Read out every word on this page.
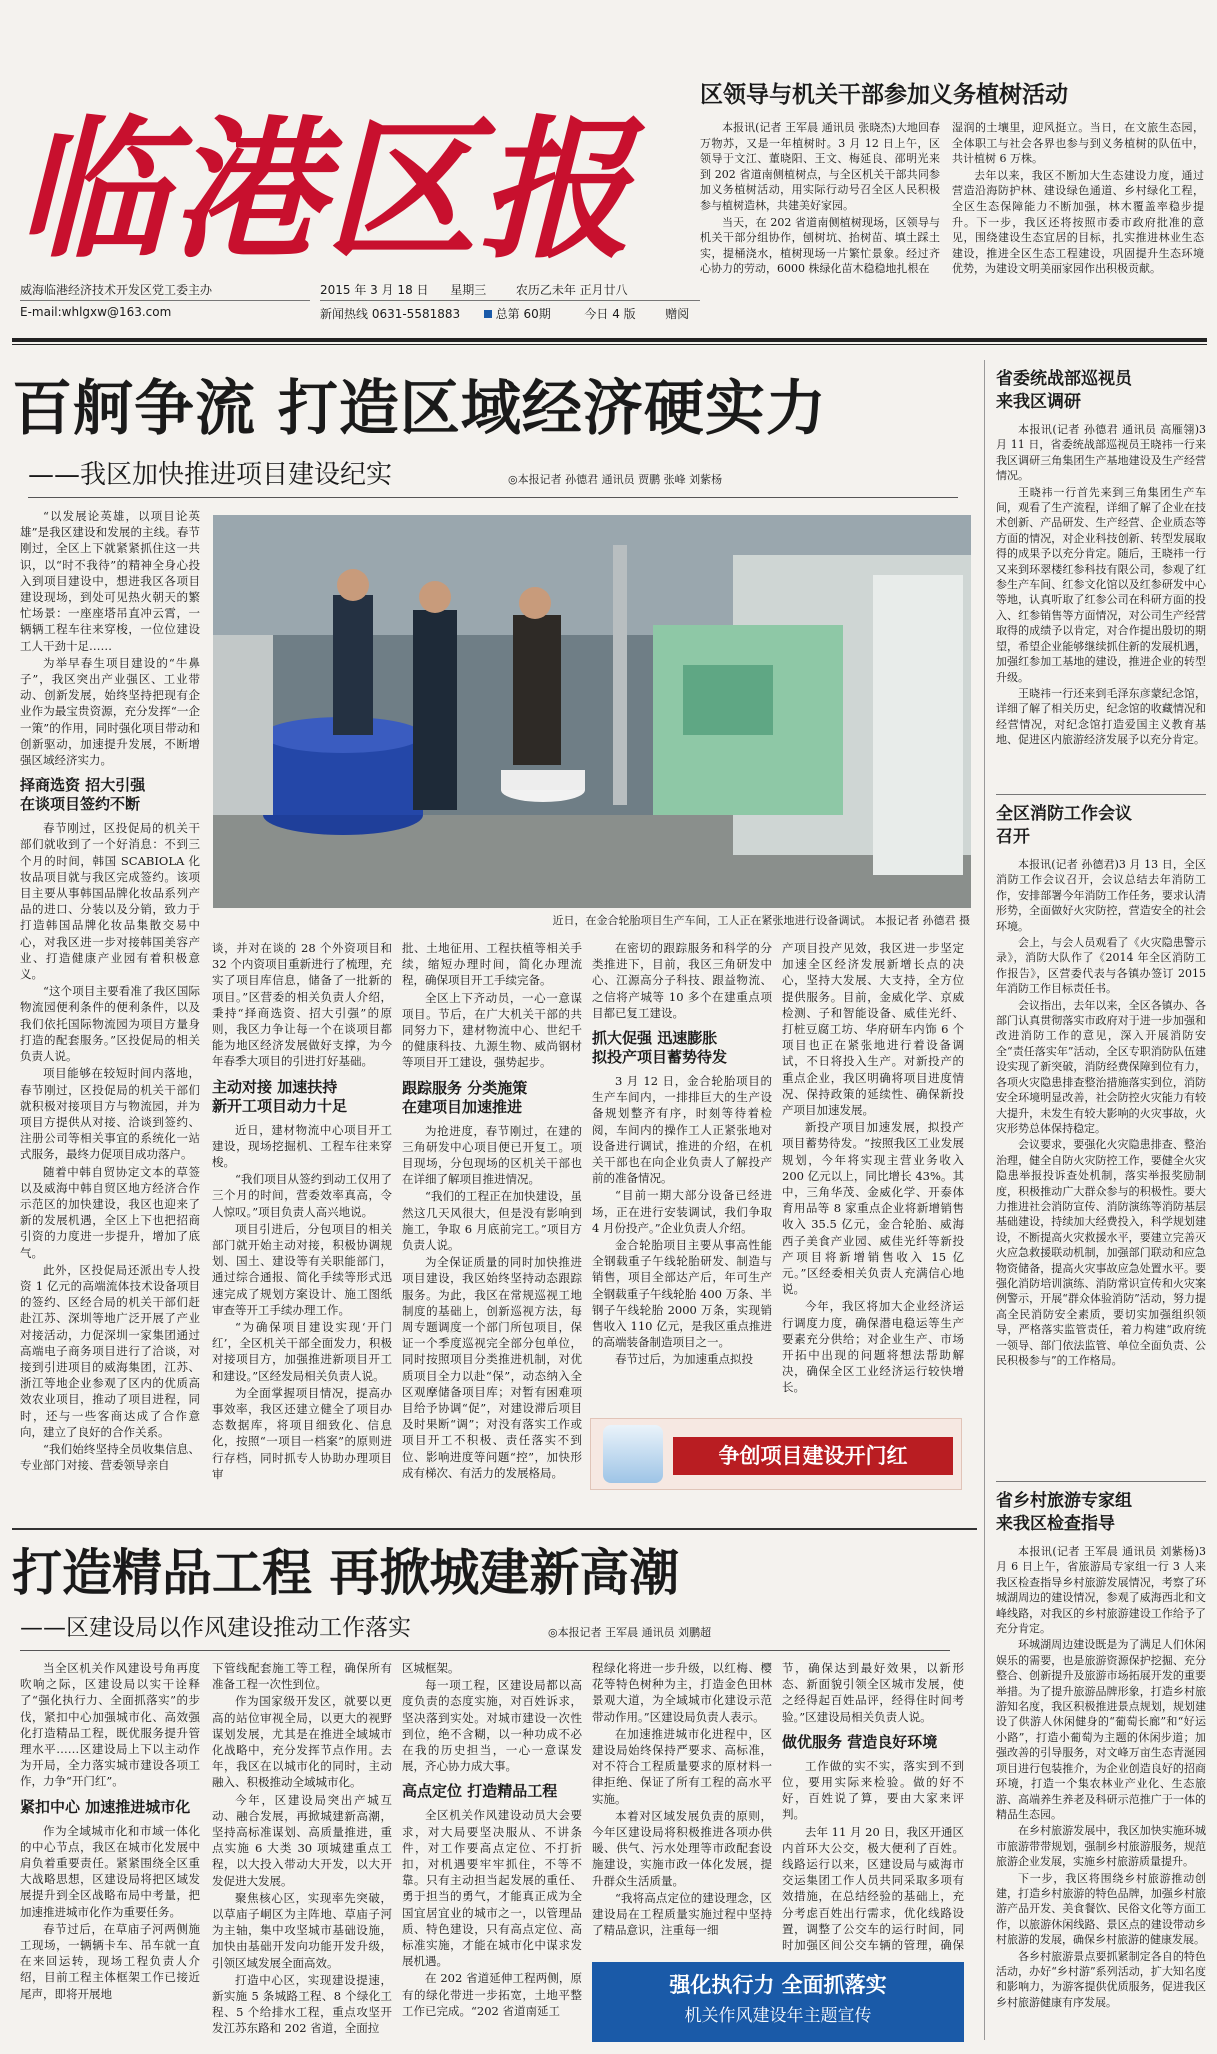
临港区报
威海临港经济技术开发区党工委主办
E-mail:whlgxw@163.com
2015 年 3 月 18 日 星期三 农历乙未年 正月廿八
新闻热线 0631-5581883	总第 60期	今日 4 版 赠阅
区领导与机关干部参加义务植树活动

本报讯(记者 王军晨 通讯员 张晓杰)大地回春万物苏，又是一年植树时。3 月 12 日上午，区领导于文江、董晓阳、王文、梅延良、邵明光来到 202 省道南侧植树点，与全区机关干部共同参加义务植树活动，用实际行动号召全区人民积极参与植树造林，共建美好家园。

当天，在 202 省道南侧植树现场，区领导与机关干部分组协作，刨树坑、抬树苗、填土踩土实，提桶浇水，植树现场一片繁忙景象。经过齐心协力的劳动，6000 株绿化苗木稳稳地扎根在

湿润的土壤里，迎风挺立。当日，在文旅生态园，全体职工与社会各界也参与到义务植树的队伍中，共计植树 6 万株。

去年以来，我区不断加大生态建设力度，通过营造沿海防护林、建设绿色通道、乡村绿化工程，全区生态保障能力不断加强，林木覆盖率稳步提升。下一步，我区还将按照市委市政府批准的意见，围绕建设生态宜居的目标，扎实推进林业生态建设，推进全区生态工程建设，巩固提升生态环境优势，为建设文明美丽家园作出积极贡献。

百舸争流 打造区域经济硬实力
——我区加快推进项目建设纪实	◎本报记者 孙德君 通讯员 贾鹏 张峰 刘紫杨
近日，在金合轮胎项目生产车间，工人正在紧张地进行设备调试。 本报记者 孙德君 摄

“以发展论英雄，以项目论英雄”是我区建设和发展的主线。春节刚过，全区上下就紧紧抓住这一共识，以“时不我待”的精神全身心投入到项目建设中，想进我区各项目建设现场，到处可见热火朝天的繁忙场景：一座座塔吊直冲云霄，一辆辆工程车往来穿梭，一位位建设工人干劲十足……

为举早春生项目建设的“牛鼻子”，我区突出产业强区、工业带动、创新发展，始终坚持把现有企业作为最宝贵资源，充分发挥“一企一策”的作用，同时强化项目带动和创新驱动，加速提升发展，不断增强区域经济实力。

择商选资 招大引强
在谈项目签约不断

春节刚过，区投促局的机关干部们就收到了一个好消息：不到三个月的时间，韩国 SCABIOLA 化妆品项目就与我区完成签约。该项目主要从事韩国品牌化妆品系列产品的进口、分装以及分销，致力于打造韩国品牌化妆品集散交易中心，对我区进一步对接韩国美容产业、打造健康产业园有着积极意义。

“这个项目主要看准了我区国际物流园便利条件的便利条件，以及我们依托国际物流园为项目方量身打造的配套服务。”区投促局的相关负责人说。

项目能够在较短时间内落地，春节刚过，区投促局的机关干部们就积极对接项目方与物流园，并为项目方提供从对接、洽谈到签约、注册公司等相关事宜的系统化一站式服务，最终力促项目成功落户。

随着中韩自贸协定文本的草签以及威海中韩自贸区地方经济合作示范区的加快建设，我区也迎来了新的发展机遇，全区上下也把招商引资的力度进一步提升，增加了底气。

此外，区投促局还派出专人投资 1 亿元的高端流体技术设备项目的签约、区经合局的机关干部们赶赴江苏、深圳等地广泛开展了产业对接活动，力促深圳一家集团通过高端电子商务项目进行了洽谈，对接到引进项目的威海集团，江苏、浙江等地企业参观了区内的优质高效农业项目，推动了项目进程，同时，还与一些客商达成了合作意向，建立了良好的合作关系。

“我们始终坚持全员收集信息、专业部门对接、营委领导亲自

谈，并对在谈的 28 个外资项目和 32 个内资项目重新进行了梳理，充实了项目库信息，储备了一批新的项目。”区营委的相关负责人介绍，秉持“择商选资、招大引强”的原则，我区力争让每一个在谈项目都能为地区经济发展做好支撑，为今年春季大项目的引进打好基础。

主动对接 加速扶持
新开工项目动力十足

近日，建材物流中心项目开工建设，现场挖掘机、工程车往来穿梭。

“我们项目从签约到动工仅用了三个月的时间，营委效率真高，令人惊叹。”项目负责人高兴地说。

项目引进后，分包项目的相关部门就开始主动对接，积极协调规划、国土、建设等有关职能部门，通过综合通报、简化手续等形式迅速完成了规划方案设计、施工图纸审查等开工手续办理工作。

“为确保项目建设实现‘开门红’，全区机关干部全面发力，积极对接项目方，加强推进新项目开工和建设。”区经发局相关负责人说。

为全面掌握项目情况，提高办事效率，我区还建立健全了项目办态数据库，将项目细致化、信息化，按照“一项目一档案”的原则进行存档，同时抓专人协助办理项目审

批、土地征用、工程扶植等相关手续，缩短办理时间，简化办理流程，确保项目开工手续完备。

全区上下齐动员，一心一意谋项目。节后，在广大机关干部的共同努力下，建材物流中心、世纪千的健康科技、九源生物、威尚钢材等项目开工建设，强势起步。

跟踪服务 分类施策
在建项目加速推进

为抢进度，春节刚过，在建的三角研发中心项目便已开复工。项目现场，分包现场的区机关干部也在详细了解项目推进情况。

“我们的工程正在加快建设，虽然这几天风很大，但是没有影响到施工，争取 6 月底前完工。”项目方负责人说。

为全保证质量的同时加快推进项目建设，我区始终坚持动态跟踪服务。为此，我区在常规巡视工地制度的基础上，创新巡视方法，每周专题调度一个部门所包项目，保证一个季度巡视完全部分包单位，同时按照项目分类推进机制，对优质项目全力以赴“保”，动态纳入全区观摩储备项目库；对暂有困难项目给予协调“促”，对建设滞后项目及时果断“调”；对没有落实工作或项目开工不积极、责任落实不到位、影响进度等问题“控”，加快形成有梯次、有活力的发展格局。

在密切的跟踪服务和科学的分类推进下，目前，我区三角研发中心、江源高分子科技、跟益物流、之信将产城等 10 多个在建重点项目都已复工建设。

抓大促强 迅速膨胀
拟投产项目蓄势待发

3 月 12 日，金合轮胎项目的生产车间内，一排排巨大的生产设备规划整齐有序，时刻等待着检阅，车间内的操作工人正紧张地对设备进行调试，推进的介绍，在机关干部也在向企业负责人了解投产前的准备情况。

“目前一期大部分设备已经进场，正在进行安装调试，我们争取 4 月份投产。”企业负责人介绍。

金合轮胎项目主要从事高性能全钢载重子午线轮胎研发、制造与销售，项目全部达产后，年可生产全钢载重子午线轮胎 400 万条、半钢子午线轮胎 2000 万条，实现销售收入 110 亿元，是我区重点推进的高端装备制造项目之一。

春节过后，为加速重点拟投

产项目投产见效，我区进一步坚定加速全区经济发展新增长点的决心，坚持大发展、大支持，全方位提供服务。目前，金威化学、京威检测、子和智能设备、威佳光纤、打桩豆腐工坊、华府研车内饰 6 个项目也正在紧张地进行着设备调试，不日将投入生产。对新投产的重点企业，我区明确将项目进度情况、保持政策的延续性、确保新投产项目加速发展。

新投产项目加速发展，拟投产项目蓄势待发。“按照我区工业发展规划，今年将实现主营业务收入 200 亿元以上，同比增长 43%。其中，三角华茂、金威化学、开泰体育用品等 8 家重点企业将新增销售收入 35.5 亿元，金合轮胎、威海西子美食产业园、威佳光纤等新投产项目将新增销售收入 15 亿元。”区经委相关负责人充满信心地说。

今年，我区将加大企业经济运行调度力度，确保潜电稳运等生产要素充分供给；对企业生产、市场开拓中出现的问题将想法帮助解决，确保全区工业经济运行较快增长。

争创项目建设开门红
省委统战部巡视员
来我区调研

本报讯(记者 孙德君 通讯员 高雁翎)3 月 11 日，省委统战部巡视员王晓祎一行来我区调研三角集团生产基地建设及生产经营情况。

王晓祎一行首先来到三角集团生产车间，观看了生产流程，详细了解了企业在技术创新、产品研发、生产经营、企业质态等方面的情况，对企业科技创新、转型发展取得的成果予以充分肯定。随后，王晓祎一行又来到环翠楼红参科技有限公司，参观了红参生产车间、红参文化馆以及红参研发中心等地，认真听取了红参公司在科研方面的投入、红参销售等方面情况，对公司生产经营取得的成绩予以肯定，对合作提出殷切的期望，希望企业能够继续抓住新的发展机遇，加强红参加工基地的建设，推进企业的转型升级。

王晓祎一行还来到毛泽东彦蒙纪念馆，详细了解了相关历史，纪念馆的收藏情况和经营情况，对纪念馆打造爱国主义教育基地、促进区内旅游经济发展予以充分肯定。

全区消防工作会议
召开

本报讯(记者 孙德君)3 月 13 日，全区消防工作会议召开，会议总结去年消防工作，安排部署今年消防工作任务，要求认清形势，全面做好火灾防控，营造安全的社会环境。

会上，与会人员观看了《火灾隐患警示录》，消防大队作了《2014 年全区消防工作报告》，区营委代表与各镇办签订 2015 年消防工作目标责任书。

会议指出，去年以来，全区各镇办、各部门认真贯彻落实市政府对于进一步加强和改进消防工作的意见，深入开展消防安全“责任落实年”活动，全区专职消防队伍建设实现了新突破，消防经费保障到位有力，各项火灾隐患排查整治措施落实到位，消防安全环境明显改善，社会防控火灾能力有较大提升，未发生有较大影响的火灾事故，火灾形势总体保持稳定。

会议要求，要强化火灾隐患排查、整治治理，健全自防火灾防控工作，要健全火灾隐患举报投诉查处机制，落实举报奖励制度，积极推动广大群众参与的积极性。要大力推进社会消防宣传、消防演练等消防基层基础建设，持续加大经费投入，科学规划建设，不断提高火灾救援水平，要建立完善灭火应急救援联动机制，加强部门联动和应急物资储备，提高火灾事故应急处置水平。要强化消防培训演练、消防常识宣传和火灾案例警示，开展“群众体验消防”活动，努力提高全民消防安全素质，要切实加强组织领导，严格落实监管责任，着力构建“政府统一领导、部门依法监管、单位全面负责、公民积极参与”的工作格局。

省乡村旅游专家组
来我区检查指导

本报讯(记者 王军晨 通讯员 刘紫杨)3 月 6 日上午，省旅游局专家组一行 3 人来我区检查指导乡村旅游发展情况，考察了环城湖周边的建设情况，参观了威海西北和文峰线路，对我区的乡村旅游建设工作给予了充分肯定。

环城湖周边建设既是为了满足人们休闲娱乐的需要，也是旅游资源保护挖掘、充分整合、创新提升及旅游市场拓展开发的重要举措。为了提升旅游品牌形象，打造乡村旅游知名度，我区积极推进景点规划，规划建设了供游人休闲健身的“葡萄长廊”和“好运小路”，打造小葡萄为主题的休闲步道；加强改善的引导服务，对文峰万亩生态青涎园项目进行包装推介，为企业创造良好的招商环境，打造一个集农林业产业化、生态旅游、高端养生养老及科研示范推广于一体的精品生态园。

在乡村旅游发展中，我区加快实施环城市旅游带带规划，强制乡村旅游服务，规范旅游企业发展，实施乡村旅游质量提升。

下一步，我区将围绕乡村旅游推动创建，打造乡村旅游的特色品牌，加强乡村旅游产品开发、美食餐饮、民俗文化等方面工作，以旅游休闲线路、景区点的建设带动乡村旅游的发展，确保乡村旅游的健康发展。

各乡村旅游景点要抓紧制定各自的特色活动，办好“乡村游”系列活动，扩大知名度和影响力，为游客提供优质服务，促进我区乡村旅游健康有序发展。

打造精品工程 再掀城建新高潮
——区建设局以作风建设推动工作落实	◎本报记者 王军晨 通讯员 刘鹏超

当全区机关作风建设号角再度吹响之际，区建设局以实干诠释了“强化执行力、全面抓落实”的步伐，紧扣中心加强城市化、高效强化打造精品工程，既优服务提升管理水平……区建设局上下以主动作为开局，全力落实城市建设各项工作，力争“开门红”。

紧扣中心 加速推进城市化

作为全域城市化和市域一体化的中心节点，我区在城市化发展中肩负着重要责任。紧紧围绕全区重大战略思想，区建设局将把区域发展提升到全区战略布局中考量，把加速推进城市化作为重要任务。

春节过后，在草庙子河两侧施工现场，一辆辆卡车、吊车就一直在来回运转，现场工程负责人介绍，目前工程主体框架工作已接近尾声，即将开展地

下管线配套施工等工程，确保所有准备工程一次性到位。

作为国家级开发区，就要以更高的站位审视全局，以更大的视野谋划发展，尤其是在推进全域城市化战略中，充分发挥节点作用。去年，我区在以城市化的同时，主动融入、积极推动全域城市化。

今年，区建设局突出产城互动、融合发展，再掀城建新高潮，坚持高标准谋划、高质量推进，重点实施 6 大类 30 项城建重点工程，以大投入带动大开发，以大开发促进大发展。

聚焦核心区，实现率先突破，以草庙子峒区为主阵地、草庙子河为主轴，集中攻坚城市基础设施，加快由基础开发向功能开发升级，引领区域发展全面高效。

打造中心区，实现建设提速，新实施 5 条城路工程、8 个绿化工程、5 个给排水工程，重点攻坚开发江苏东路和 202 省道，全面拉

区城框架。

每一项工程，区建设局都以高度负责的态度实施，对百姓诉求，坚决落到实处。对城市建设一次性到位，绝不含糊，以一种功成不必在我的历史担当，一心一意谋发展，齐心协力成大事。

高点定位 打造精品工程

全区机关作风建设动员大会要求，对大局要坚决服从、不讲条件，对工作要高点定位、不打折扣，对机遇要牢牢抓住，不等不靠。只有主动担当起发展的重任、勇于担当的勇气，才能真正成为全国宜居宜业的城市之一，以管理品质、特色建设，只有高点定位、高标准实施，才能在城市化中谋求发展机遇。

在 202 省道延伸工程两侧，原有的绿化带进一步拓宽，土地平整工作已完成。“202 省道南延工

程绿化将进一步升级，以红梅、樱花等特色树种为主，打造金色田林景观大道，为全域城市化建设示范带动作用。”区建设局负责人表示。

在加速推进城市化进程中，区建设局始终保持严要求、高标准，对不符合工程质量要求的原材料一律拒绝、保证了所有工程的高水平实施。

本着对区域发展负责的原则，今年区建设局将积极推进各项办供暖、供气、污水处理等市政配套设施建设，实施市政一体化发展，提升群众生活质量。

“我将高点定位的建设理念，区建设局在工程质量实施过程中坚持了精品意识，注重每一细

节，确保达到最好效果，以新形态、新面貌引领全区城市发展，使之经得起百姓品评，经得住时间考验。”区建设局相关负责人说。

做优服务 营造良好环境

工作做的实不实，落实到不到位，要用实际来检验。做的好不好，百姓说了算，要由大家来评判。

去年 11 月 20 日，我区开通区内首环大公交，极大便利了百姓。线路运行以来，区建设局与威海市交运集团工作人员共同采取多项有效措施，在总结经验的基础上，充分考虑百姓出行需求，优化线路设置，调整了公交车的运行时间，同时加强区间公交车辆的管理，确保

强化执行力 全面抓落实
机关作风建设年主题宣传
